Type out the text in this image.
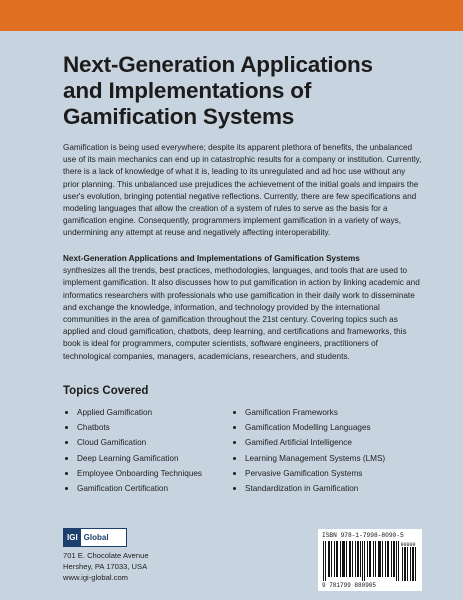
Next-Generation Applications
and Implementations of
Gamification Systems
Gamification is being used everywhere; despite its apparent plethora of benefits, the unbalanced use of its main mechanics can end up in catastrophic results for a company or institution. Currently, there is a lack of knowledge of what it is, leading to its unregulated and ad hoc use without any prior planning. This unbalanced use prejudices the achievement of the initial goals and impairs the user's evolution, bringing potential negative reflections. Currently, there are few specifications and modeling languages that allow the creation of a system of rules to serve as the basis for a gamification engine. Consequently, programmers implement gamification in a variety of ways, undermining any attempt at reuse and negatively affecting interoperability.
Next-Generation Applications and Implementations of Gamification Systems
synthesizes all the trends, best practices, methodologies, languages, and tools that are used to implement gamification. It also discusses how to put gamification in action by linking academic and informatics researchers with professionals who use gamification in their daily work to disseminate and exchange the knowledge, information, and technology provided by the international communities in the area of gamification throughout the 21st century. Covering topics such as applied and cloud gamification, chatbots, deep learning, and certifications and frameworks, this book is ideal for programmers, computer scientists, software engineers, practitioners of technological companies, managers, academicians, researchers, and students.
Topics Covered
Applied Gamification
Chatbots
Cloud Gamification
Deep Learning Gamification
Employee Onboarding Techniques
Gamification Certification
Gamification Frameworks
Gamification Modelling Languages
Gamified Artificial Intelligence
Learning Management Systems (LMS)
Pervasive Gamification Systems
Standardization in Gamification
IGI Global
701 E. Chocolate Avenue
Hershey, PA 17033, USA
www.igi-global.com
ISBN 978-1-7998-8090-5
90000
9 781799 880905
